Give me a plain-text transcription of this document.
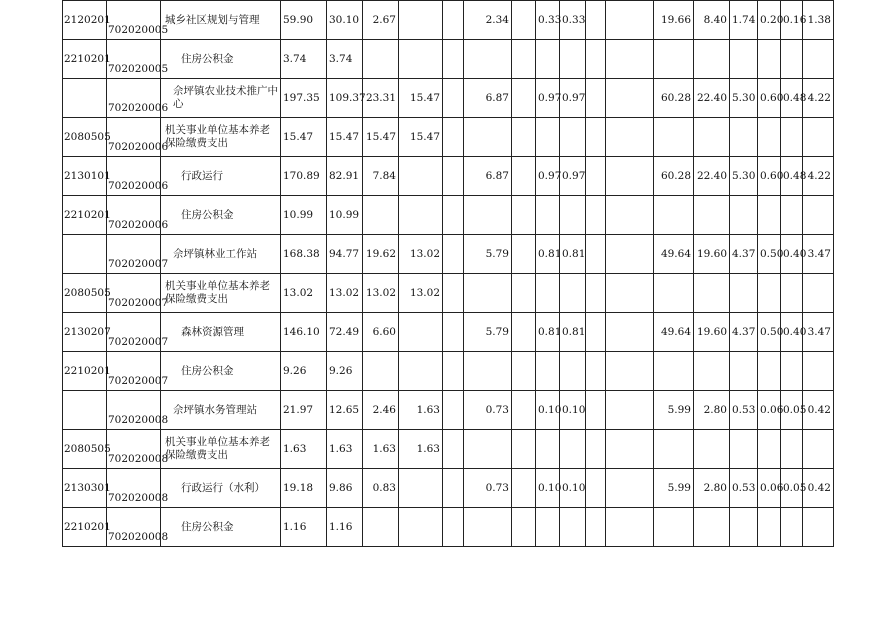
2120201	702020005	城乡社区规划与管理	59.90	30.10	2.67			2.34		0.33	0.33			19.66	8.40	1.74	0.20	0.16	1.38
2210201	702020005	住房公积金	3.74	3.74															
	702020006	佘坪镇农业技术推广中心	197.35	109.37	23.31	15.47		6.87		0.97	0.97			60.28	22.40	5.30	0.60	0.48	4.22
2080505	702020006	机关事业单位基本养老保险缴费支出	15.47	15.47	15.47	15.47													
2130101	702020006	行政运行	170.89	82.91	7.84			6.87		0.97	0.97			60.28	22.40	5.30	0.60	0.48	4.22
2210201	702020006	住房公积金	10.99	10.99															
	702020007	佘坪镇林业工作站	168.38	94.77	19.62	13.02		5.79		0.81	0.81			49.64	19.60	4.37	0.50	0.40	3.47
2080505	702020007	机关事业单位基本养老保险缴费支出	13.02	13.02	13.02	13.02													
2130207	702020007	森林资源管理	146.10	72.49	6.60			5.79		0.81	0.81			49.64	19.60	4.37	0.50	0.40	3.47
2210201	702020007	住房公积金	9.26	9.26															
	702020008	佘坪镇水务管理站	21.97	12.65	2.46	1.63		0.73		0.10	0.10			5.99	2.80	0.53	0.06	0.05	0.42
2080505	702020008	机关事业单位基本养老保险缴费支出	1.63	1.63	1.63	1.63													
2130301	702020008	行政运行（水利）	19.18	9.86	0.83			0.73		0.10	0.10			5.99	2.80	0.53	0.06	0.05	0.42
2210201	702020008	住房公积金	1.16	1.16															
